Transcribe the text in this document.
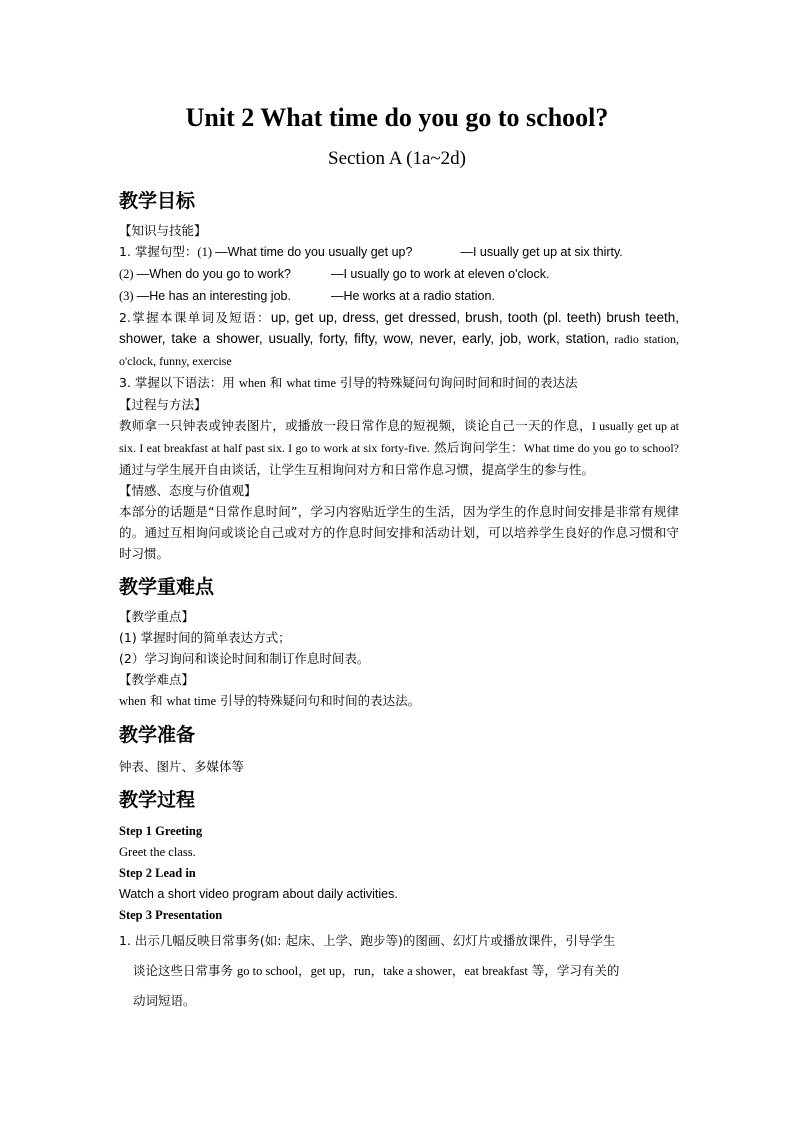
Unit 2 What time do you go to school?
Section A (1a~2d)
教学目标
【知识与技能】
1. 掌握句型：(1) —What time do you usually get up?	—I usually get up at six thirty.
(2) —When do you go to work?	—I usually go to work at eleven o'clock.
(3) —He has an interesting job.	—He works at a radio station.
2.掌握本课单词及短语：up, get up, dress, get dressed, brush, tooth (pl. teeth) brush teeth, shower, take a shower, usually, forty, fifty, wow, never, early, job, work, station, radio station, o'clock, funny, exercise
3. 掌握以下语法：用 when 和 what time 引导的特殊疑问句询问时间和时间的表达法
【过程与方法】
教师拿一只钟表或钟表图片，或播放一段日常作息的短视频，谈论自己一天的作息，I usually get up at six. I eat breakfast at half past six. I go to work at six forty-five. 然后询问学生：What time do you go to school? 通过与学生展开自由谈话，让学生互相询问对方和日常作息习惯，提高学生的参与性。
【情感、态度与价值观】
本部分的话题是“日常作息时间”，学习内容贴近学生的生活，因为学生的作息时间安排是非常有规律的。通过互相询问或谈论自己或对方的作息时间安排和活动计划，可以培养学生良好的作息习惯和守时习惯。
教学重难点
【教学重点】
(1) 掌握时间的简单表达方式；
(2）学习询问和谈论时间和制订作息时间表。
【教学难点】
when 和 what time 引导的特殊疑问句和时间的表达法。
教学准备
钟表、图片、多媒体等
教学过程
Step 1 Greeting
Greet the class.
Step 2 Lead in
Watch a short video program about daily activities.
Step 3 Presentation
1. 出示几幅反映日常事务(如: 起床、上学、跑步等)的图画、幻灯片或播放课件，引导学生
谈论这些日常事务 go to school，get up，run，take a shower，eat breakfast 等，学习有关的
动词短语。
